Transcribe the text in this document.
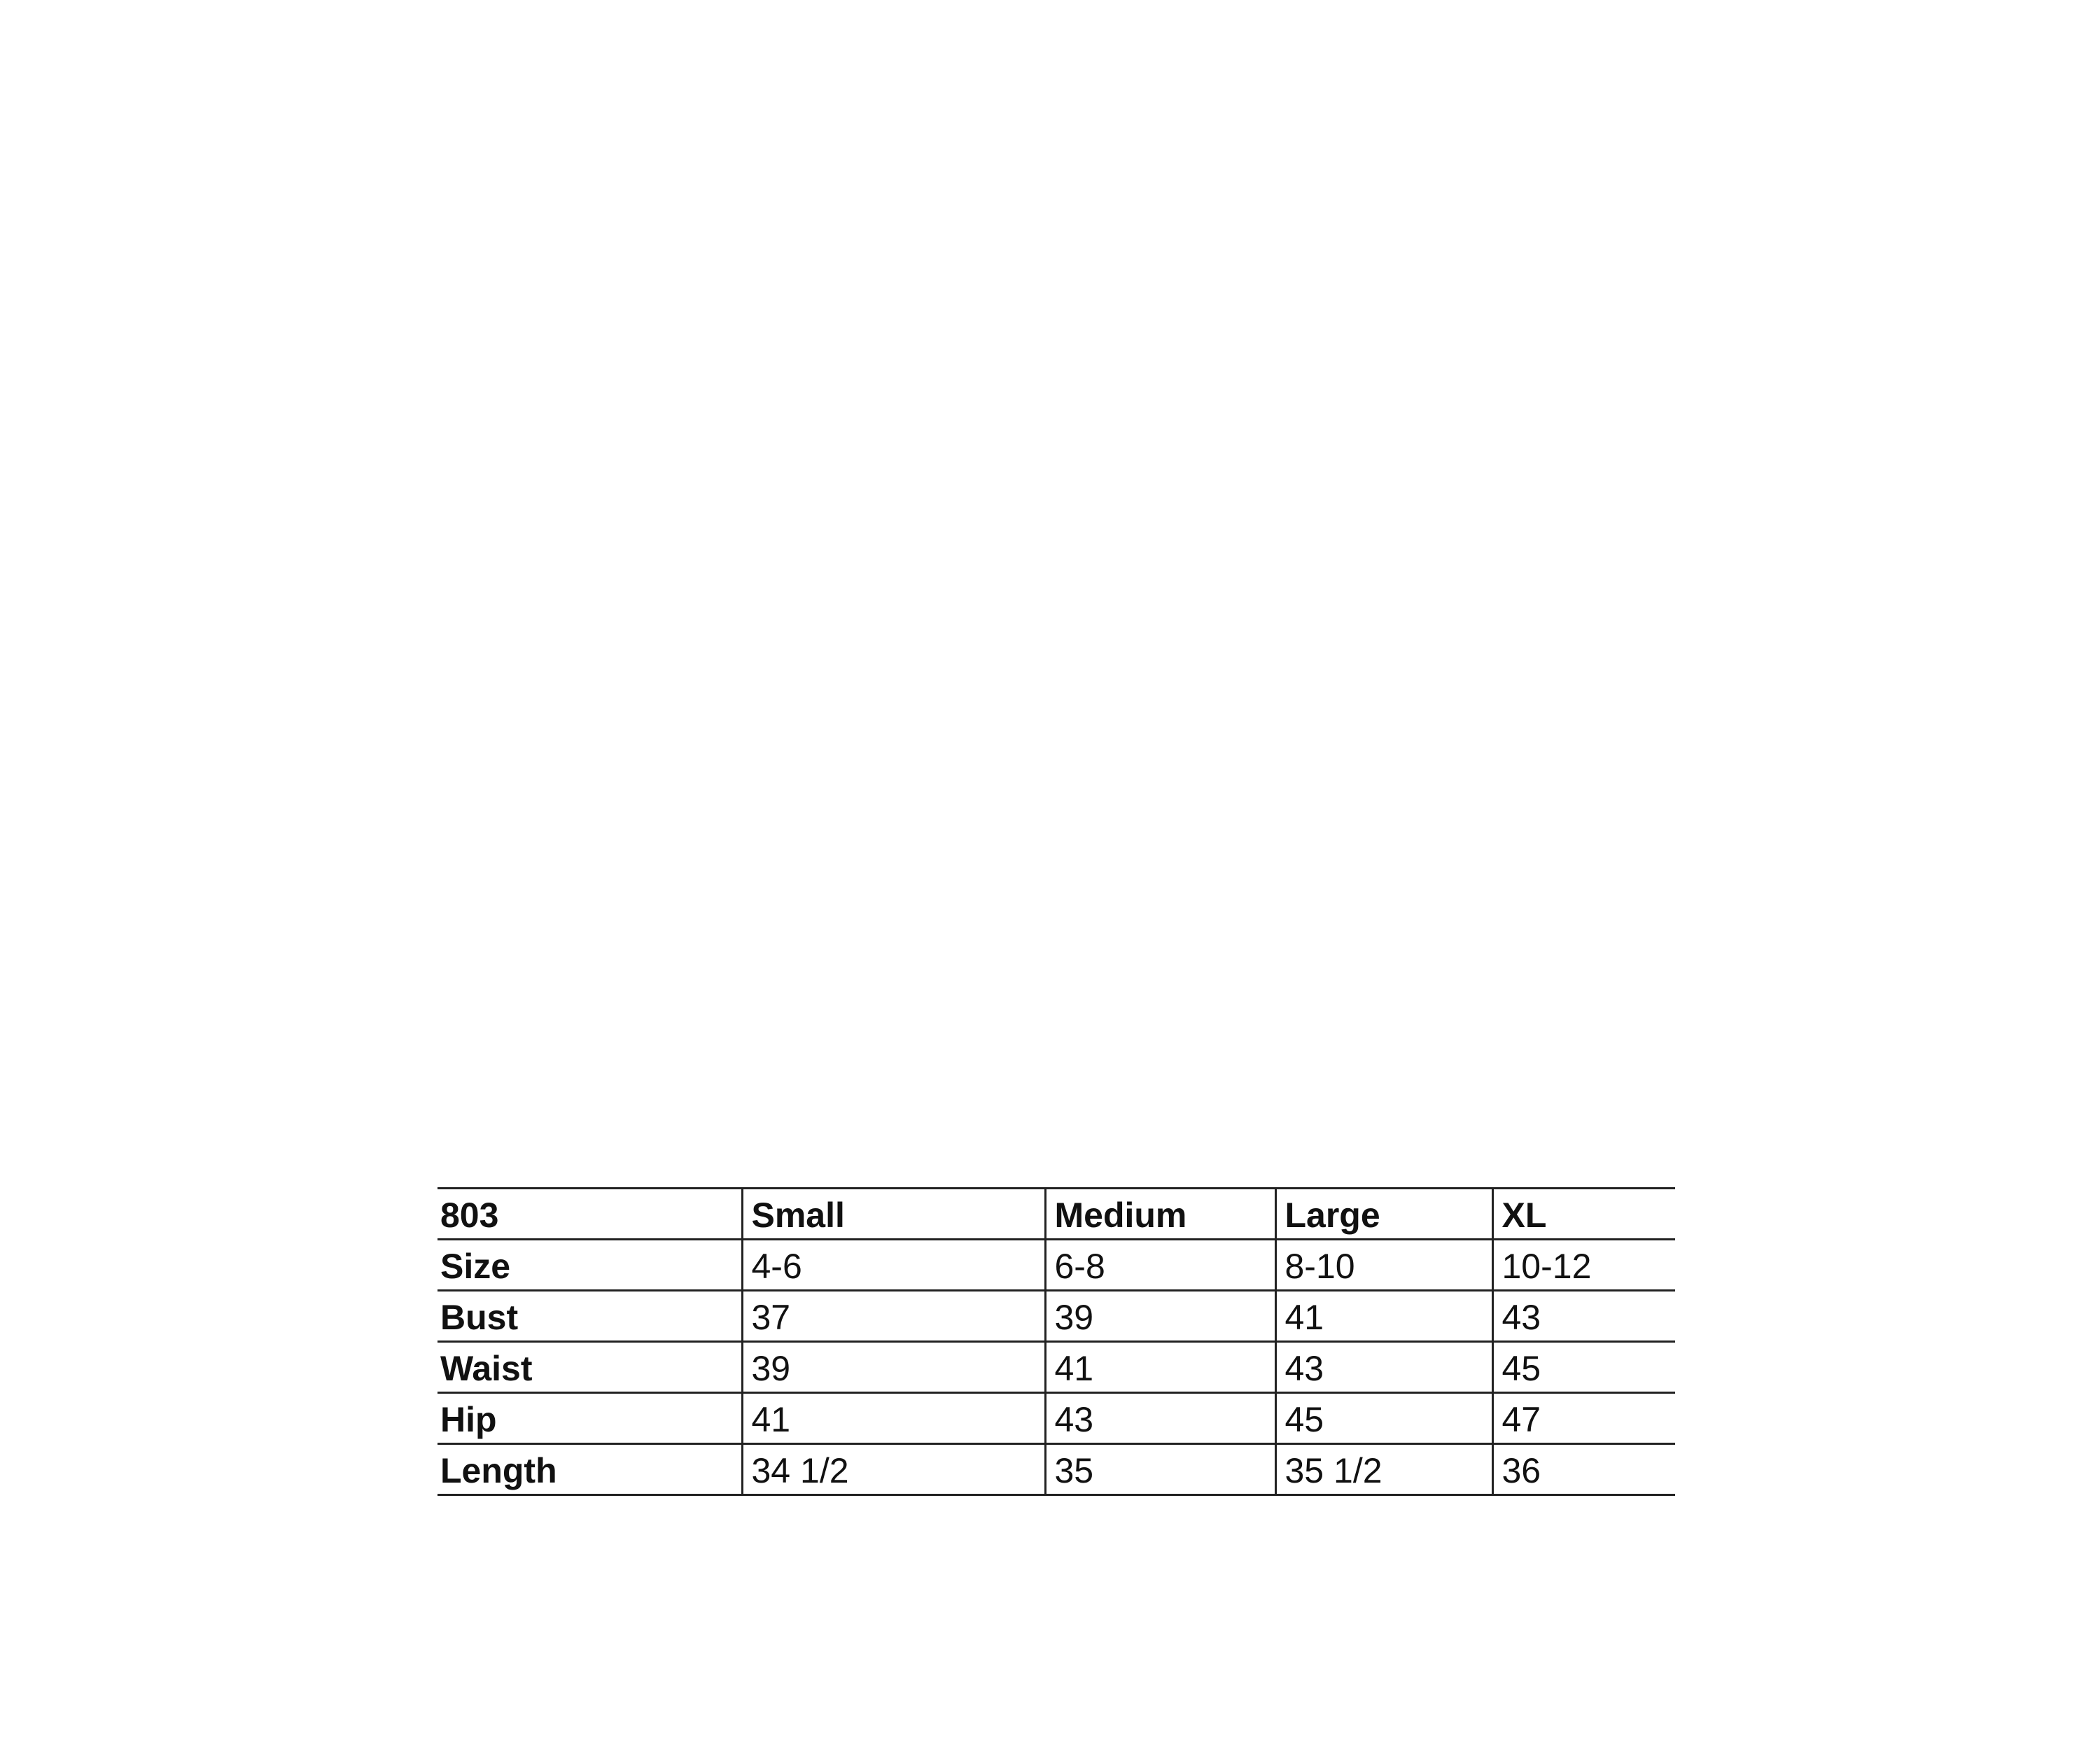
803	Small	Medium	Large	XL
Size	4-6	6-8	8-10	10-12
Bust	37	39	41	43
Waist	39	41	43	45
Hip	41	43	45	47
Length	34 1/2	35	35 1/2	36
